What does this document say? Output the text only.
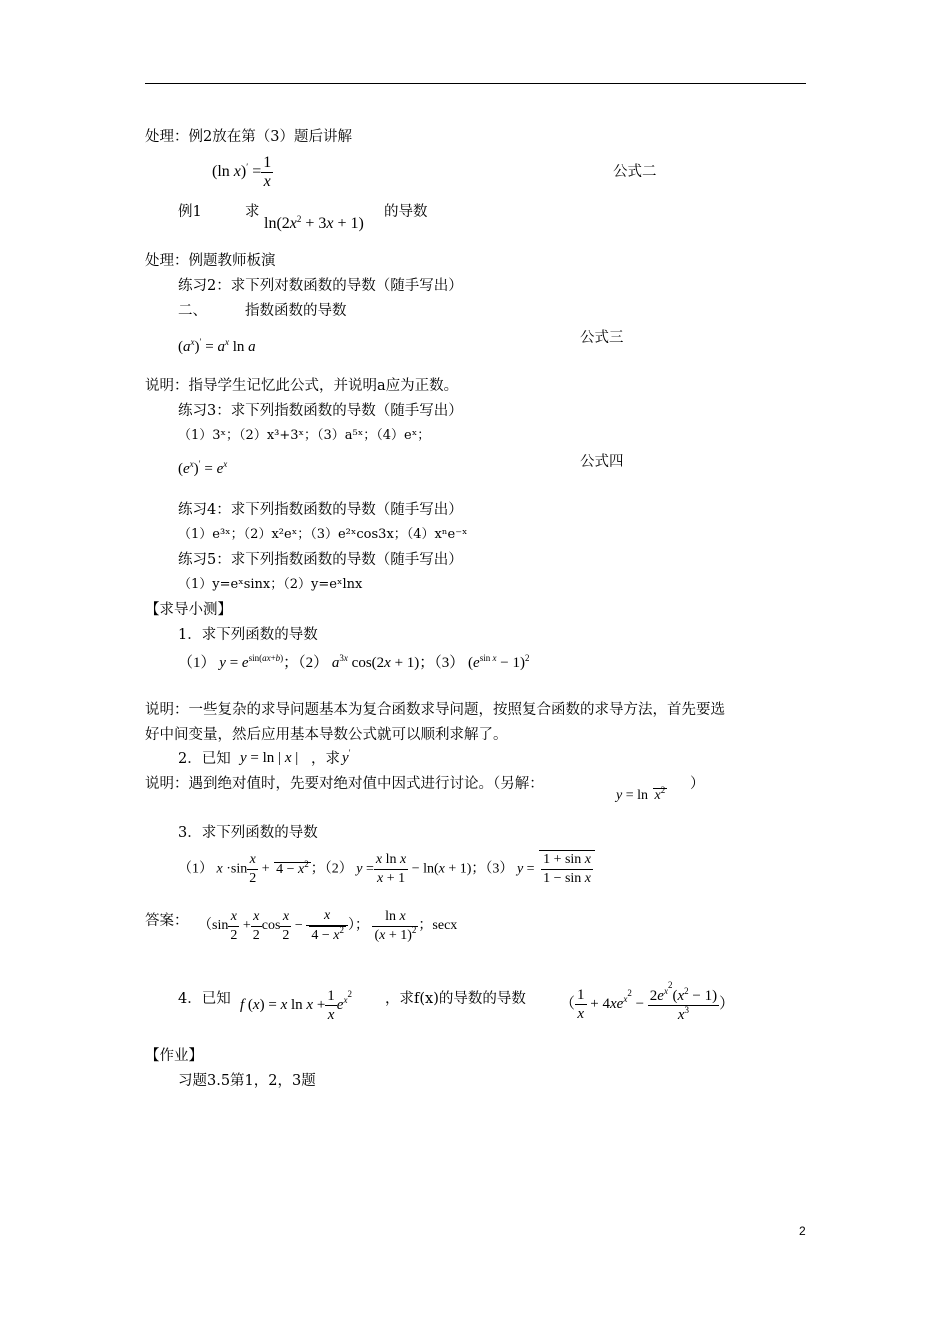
处理：例2放在第（3）题后讲解
(ln $x)' = \frac{1}{x}$	公式二
例1	求
$\ln(2x^2 + 3x + 1)$
的导数
处理：例题教师板演
练习2：求下列对数函数的导数（随手写出）
二、	指数函数的导数
$(a^x)' = a^x$ ln a
公式三
说明：指导学生记忆此公式，并说明a应为正数。
练习3：求下列指数函数的导数（随手写出）
（1）3ˣ；（2）x³+3ˣ；（3）a⁵ˣ；（4）eˣ；
$(e^x)' = e^x$	公式四
练习4：求下列指数函数的导数（随手写出）
（1）e³ˣ；（2）x²eˣ；（3）e²ˣcos3x；（4）xⁿe⁻ˣ
练习5：求下列指数函数的导数（随手写出）
（1）y=eˣsinx；（2）y=eˣlnx
【求导小测】
1．求下列函数的导数
（1） $y = e^{sin(ax+b)}$；（2） $a^{3x}$ cos(2x + 1)；（3） $(e^{sin x} - 1)^2$
说明：一些复杂的求导问题基本为复合函数求导问题，按照复合函数的求导方法，首先要选
好中间变量，然后应用基本导数公式就可以顺利求解了。
2．已知 y = ln | x | ，求 y′
说明：遇到绝对值时，先要对绝对值中因式进行讨论。（另解：
$y = \ln x^2$ ）
3．求下列函数的导数
（1） $x \cdot\sin \frac{x}{2} + 4 - x^2$ ；（2） $y = \frac{\text{x ln x}}{x + 1} - \ln(x + 1)$；（3） $y = \frac{\text{1 + sin x}}{\text{1 − sin x}}$
答案： （$\sin \frac{x}{2} + \frac{x}{2}$ $\cos \frac{x}{2} - \frac{x}{4 - x^2}$ ）； $\frac{\text{ln x}}{(x + 1)^2}$ ；secx
4．已知 f (x) = x $\ln x + \frac{1}{x} e^{x^2}$ ，求f(x)的导数的导数 （ $\frac{1}{x} + 4xe^{x^2} - \frac{2e^{x^2}(x^2 - 1)}{x^3}$ ）
【作业】
习题3.5第1，2，3题
2
